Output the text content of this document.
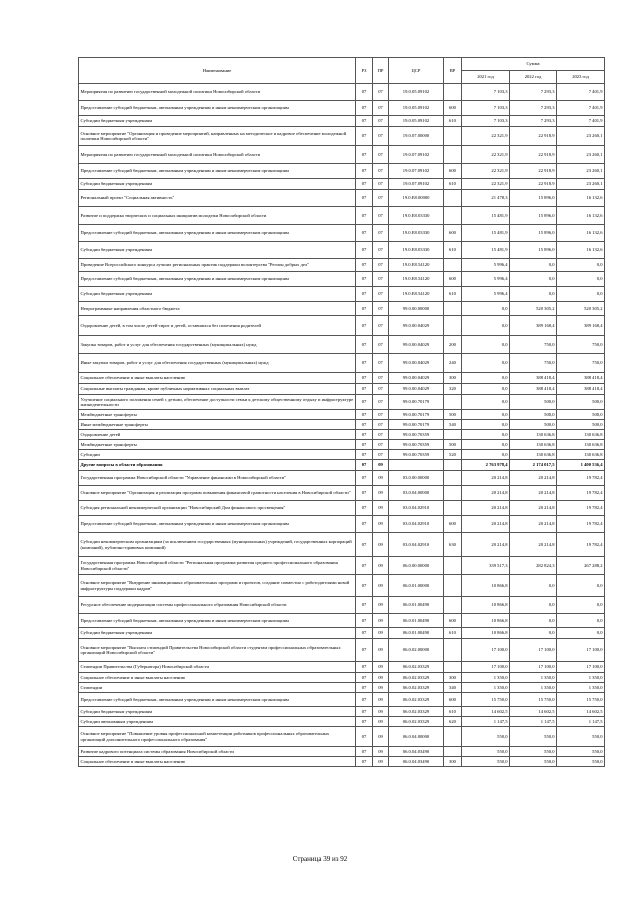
Наименование	РЗ	ПР	ЦСР	ВР	Сумма		
					2021 год	2022 год	2023 год
Мероприятия по развитию государственной молодежной политики Новосибирской области	07	07	19.0.05.09102		7 103,3	7 293,3	7 401,9
Предоставление субсидий бюджетным, автономным учреждениям и иным некоммерческим организациям	07	07	19.0.05.09102	600	7 103,3	7 293,3	7 401,9
Субсидии бюджетным учреждениям	07	07	19.0.05.09102	610	7 103,3	7 293,3	7 401,9
Основное мероприятие "Организация и проведение мероприятий, направленных на методическое и кадровое обеспечение молодежной политики Новосибирской области"	07	07	19.0.07.00000		22 321,9	22 918,9	23 260,1
Мероприятия по развитию государственной молодежной политики Новосибирской области	07	07	19.0.07.09102		22 321,9	22 918,9	23 260,1
Предоставление субсидий бюджетным, автономным учреждениям и иным некоммерческим организациям	07	07	19.0.07.09102	600	22 321,9	22 918,9	23 260,1
Субсидии бюджетным учреждениям	07	07	19.0.07.09102	610	22 321,9	22 918,9	23 260,1
Региональный проект "Социальная активность"	07	07	19.0.E8.00000		21 478,3	15 896,0	16 132,6
Развитие и поддержка творческих и социальных инициатив молодежи Новосибирской области	07	07	19.0.E8.03330		15 481,9	15 896,0	16 132,6
Предоставление субсидий бюджетным, автономным учреждениям и иным некоммерческим организациям	07	07	19.0.E8.03330	600	15 481,9	15 896,0	16 132,6
Субсидии бюджетным учреждениям	07	07	19.0.E8.03330	610	15 481,9	15 896,0	16 132,6
Проведение Всероссийского конкурса лучших региональных практик поддержки волонтерства "Регион добрых дел"	07	07	19.0.E8.54120		5 996,4	0,0	0,0
Предоставление субсидий бюджетным, автономным учреждениям и иным некоммерческим организациям	07	07	19.0.E8.54120	600	5 996,4	0,0	0,0
Субсидии бюджетным учреждениям	07	07	19.0.E8.54120	610	5 996,4	0,0	0,0
Непрограммные направления областного бюджета	07	07	99.0.00.00000		0,0	520 305,2	520 305,2
Оздоровление детей, в том числе детей-сирот и детей, оставшихся без попечения родителей	07	07	99.0.00.04029		0,0	389 168,4	389 168,4
Закупка товаров, работ и услуг для обеспечения государственных (муниципальных) нужд	07	07	99.0.00.04029	200	0,0	750,0	750,0
Иные закупки товаров, работ и услуг для обеспечения государственных (муниципальных) нужд	07	07	99.0.00.04029	240	0,0	750,0	750,0
Социальное обеспечение и иные выплаты населению	07	07	99.0.00.04029	300	0,0	388 418,4	388 418,4
Социальные выплаты гражданам, кроме публичных нормативных социальных выплат	07	07	99.0.00.04029	320	0,0	388 418,4	388 418,4
Улучшение социального положения семей с детьми, обеспечение доступности семьи к детскому общественному отдыху и инфраструктуре жизнедеятельности	07	07	99.0.00.70179		0,0	500,0	500,0
Межбюджетные трансферты	07	07	99.0.00.70179	500	0,0	500,0	500,0
Иные межбюджетные трансферты	07	07	99.0.00.70179	540	0,0	500,0	500,0
Оздоровление детей	07	07	99.0.00.70359		0,0	130 636,8	130 636,8
Межбюджетные трансферты	07	07	99.0.00.70359	500	0,0	130 636,8	130 636,8
Субсидии	07	07	99.0.00.70359	520	0,0	130 636,8	130 636,8
Другие вопросы в области образования	07	09			2 763 978,4	2 174 017,5	1 400 536,4
Государственная программа Новосибирской области "Управление финансами в Новосибирской области"	07	09	03.0.00.00000		20 214,8	20 214,8	19 782,4
Основное мероприятие "Организация и реализация программ повышения финансовой грамотности населения в Новосибирской области"	07	09	03.0.04.00000		20 214,8	20 214,8	19 782,4
Субсидия региональной некоммерческой организации "Новосибирский Дом финансового просвещения"	07	09	03.0.04.02910		20 214,8	20 214,8	19 782,4
Предоставление субсидий бюджетным, автономным учреждениям и иным некоммерческим организациям	07	09	03.0.04.02910	600	20 214,8	20 214,8	19 782,4
Субсидии некоммерческим организациям (за исключением государственных (муниципальных) учреждений, государственных корпораций (компаний), публично-правовых компаний)	07	09	03.0.04.02910	630	20 214,8	20 214,8	19 782,4
Государственная программа Новосибирской области "Региональная программа развития среднего профессионального образования Новосибирской области"	07	09	06.0.00.00000		339 517,3	282 824,3	267 288,2
Основное мероприятие "Внедрение инновационных образовательных программ и проектов, создание совместно с работодателями новой инфраструктуры поддержки кадров"	07	09	06.0.01.00000		10 866,8	0,0	0,0
Ресурсное обеспечение модернизации системы профессионального образования Новосибирской области	07	09	06.0.01.00490		10 866,8	0,0	0,0
Предоставление субсидий бюджетным, автономным учреждениям и иным некоммерческим организациям	07	09	06.0.01.00490	600	10 866,8	0,0	0,0
Субсидии бюджетным учреждениям	07	09	06.0.01.00490	610	10 866,8	0,0	0,0
Основное мероприятие "Выплата стипендий Правительства Новосибирской области студентам профессиональных образовательных организаций Новосибирской области"	07	09	06.0.02.00000		17 100,0	17 100,0	17 100,0
Стипендии Правительства (Губернатора) Новосибирской области	07	09	06.0.02.03329		17 100,0	17 100,0	17 100,0
Социальное обеспечение и иные выплаты населению	07	09	06.0.02.03329	300	1 350,0	1 350,0	1 350,0
Стипендии	07	09	06.0.02.03329	340	1 350,0	1 350,0	1 350,0
Предоставление субсидий бюджетным, автономным учреждениям и иным некоммерческим организациям	07	09	06.0.02.03329	600	15 750,0	15 750,0	15 750,0
Субсидии бюджетным учреждениям	07	09	06.0.02.03329	610	14 602,5	14 602,5	14 602,5
Субсидии автономным учреждениям	07	09	06.0.02.03329	620	1 147,5	1 147,5	1 147,5
Основное мероприятие "Повышение уровня профессиональной компетенции работников профессиональных образовательных организаций дополнительного профессионального образования"	07	09	06.0.04.00000		550,0	550,0	550,0
Развитие кадрового потенциала системы образования Новосибирской области	07	09	06.0.04.03490		550,0	550,0	550,0
Социальное обеспечение и иные выплаты населению	07	09	06.0.04.03490	300	550,0	550,0	550,0
Страница 39 из 92
